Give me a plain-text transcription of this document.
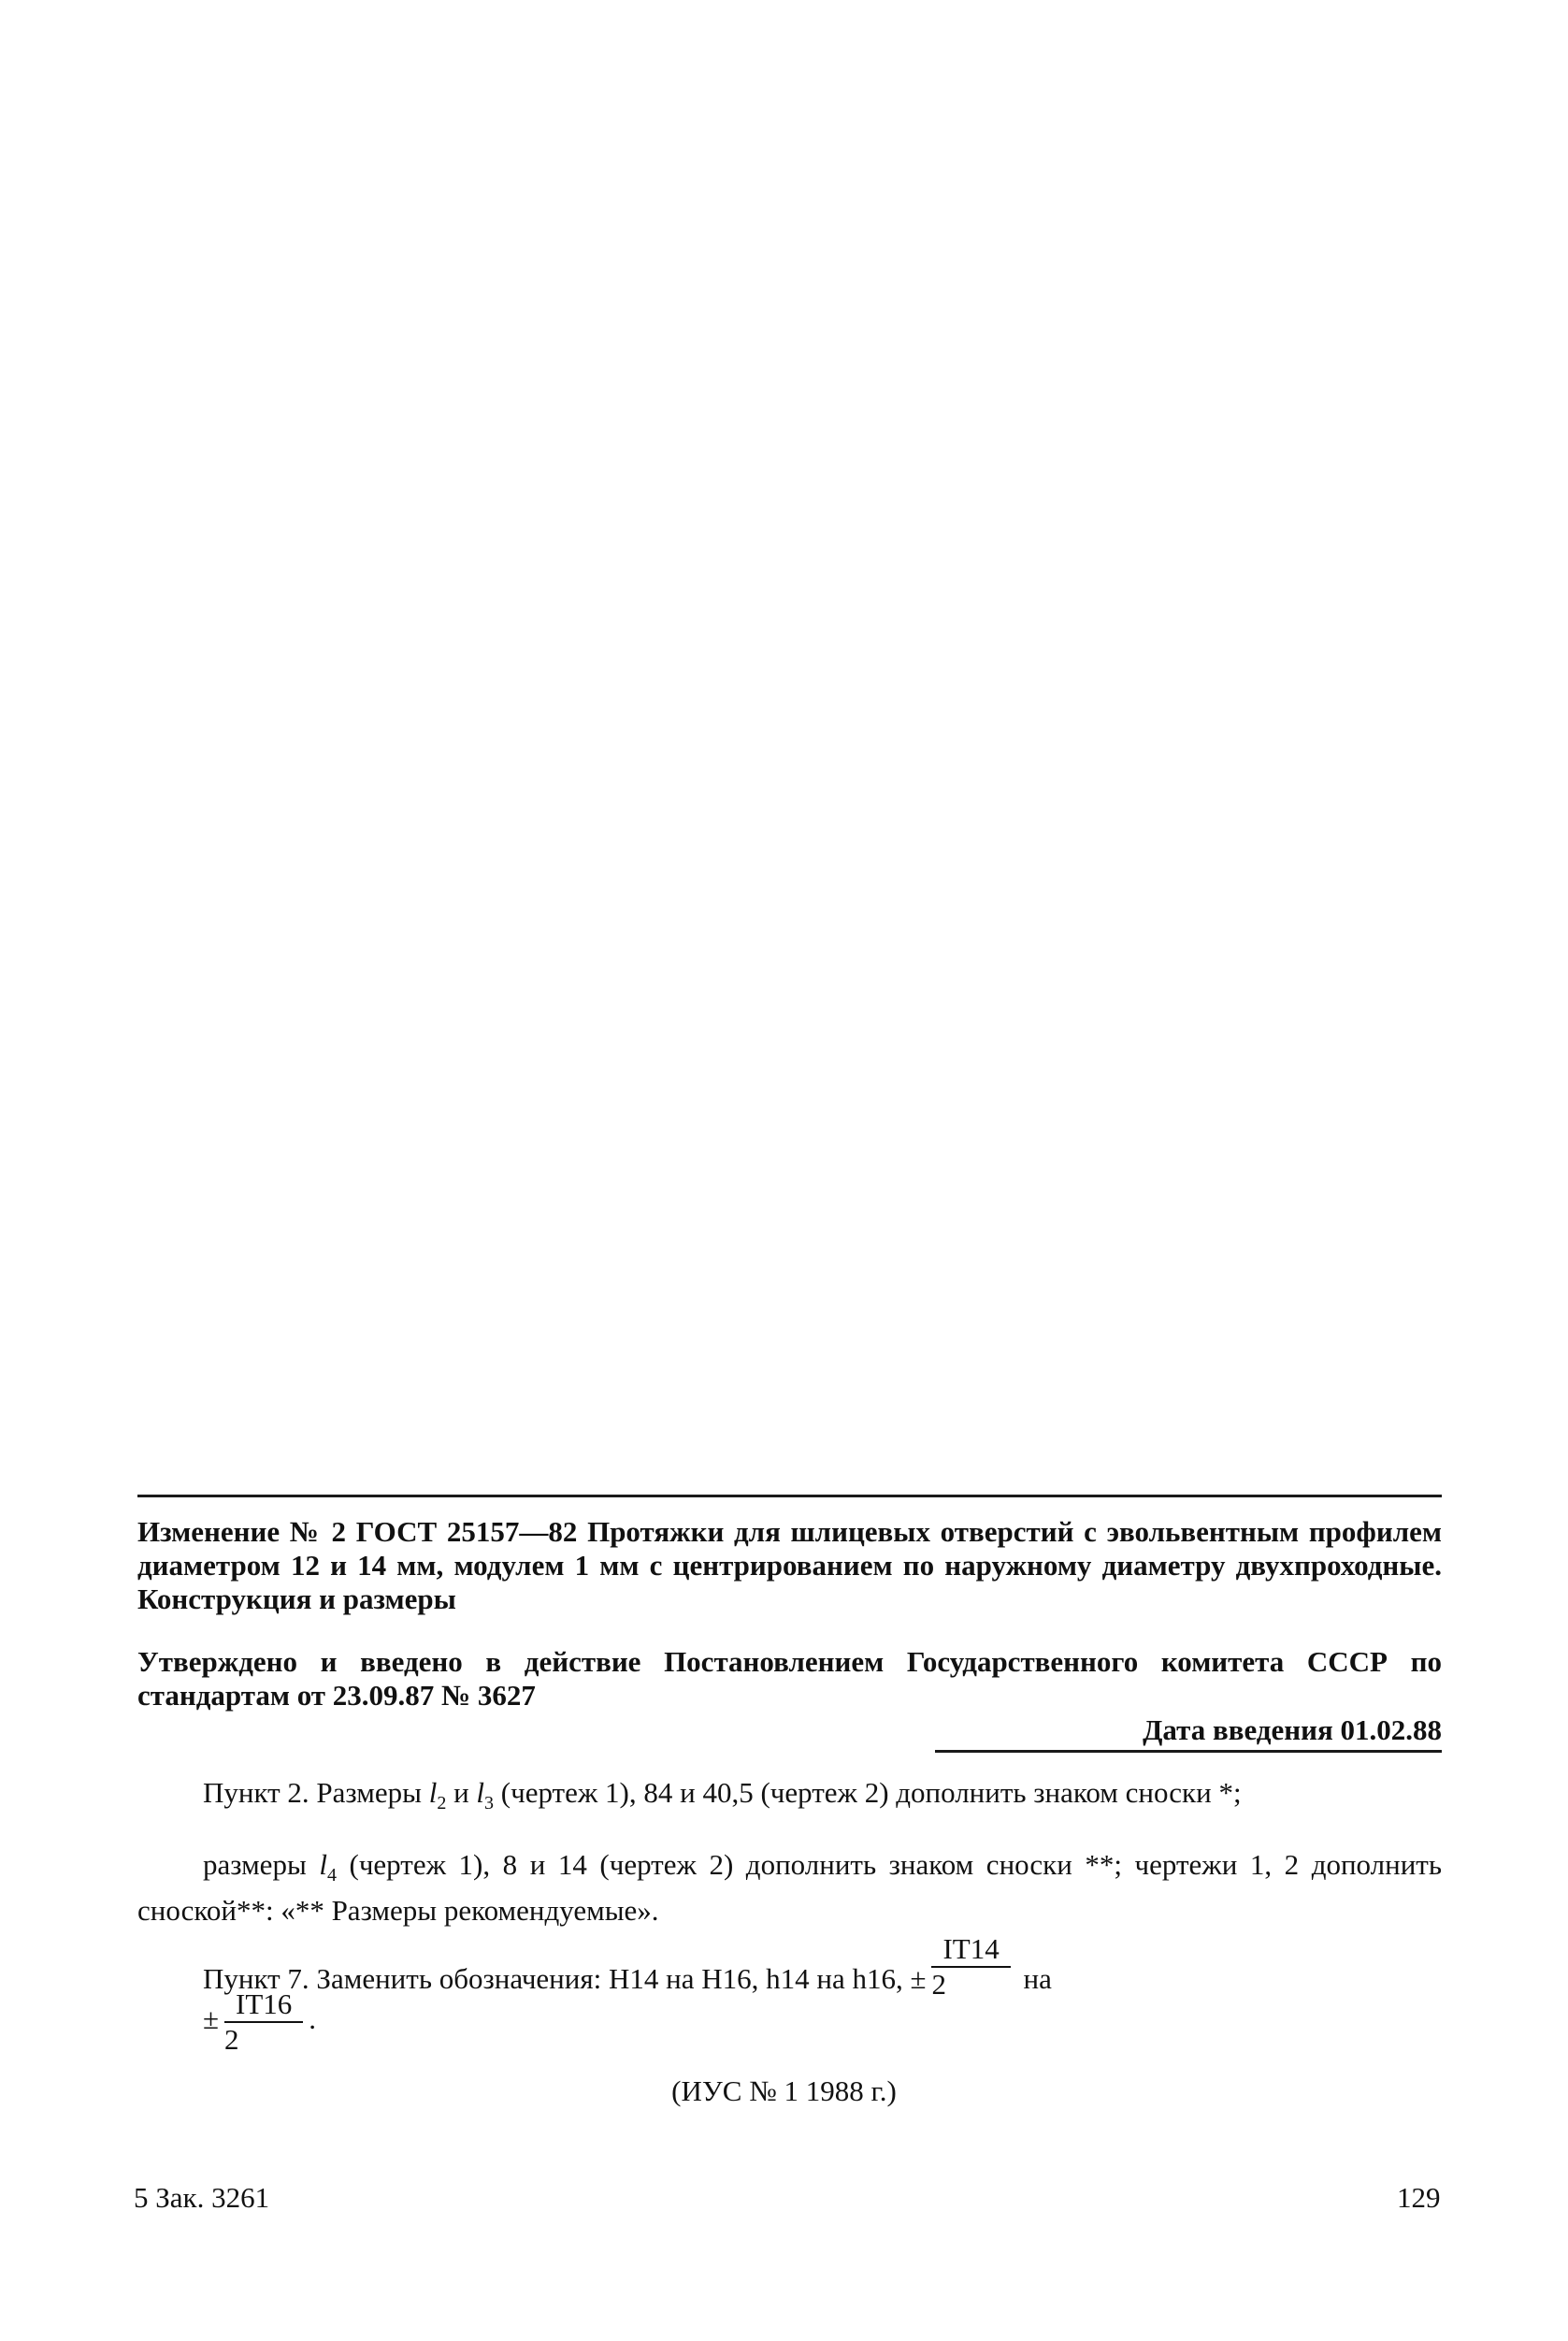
Изменение № 2 ГОСТ 25157—82 Протяжки для шлицевых отверстий с эвольвентным профилем диаметром 12 и 14 мм, модулем 1 мм с центрированием по наружному диаметру двухпроходные. Конструкция и размеры
Утверждено и введено в действие Постановлением Государственного комитета СССР по стандартам от 23.09.87 № 3627
Дата введения 01.02.88
Пункт 2. Размеры $l_2$ и $l_3$ (чертеж 1), 84 и 40,5 (чертеж 2) дополнить знаком сноски *;
размеры $l_4$ (чертеж 1), 8 и 14 (чертеж 2) дополнить знаком сноски **; чертежи 1, 2 дополнить сноской**: «** Размеры рекомендуемые».
Пункт 7. Заменить обозначения: H14 на H16, h14 на h16, ± $\frac{IT14}{2}$ на
± $\frac{IT16}{2}$ .
(ИУС № 1 1988 г.)
5 Зак. 3261	129
